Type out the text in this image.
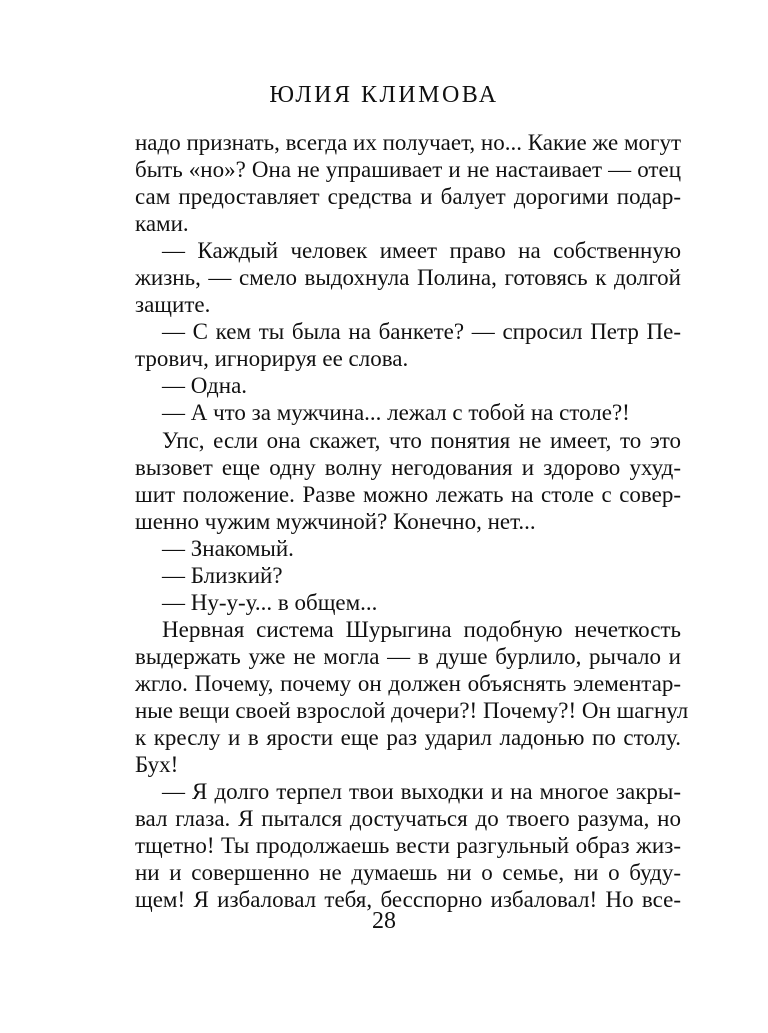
ЮЛИЯ КЛИМОВА
надо признать, всегда их получает, но... Какие же могут
быть «но»? Она не упрашивает и не настаивает — отец
сам предоставляет средства и балует дорогими подар-
ками.
— Каждый человек имеет право на собственную
жизнь, — смело выдохнула Полина, готовясь к долгой
защите.
— С кем ты была на банкете? — спросил Петр Пе-
трович, игнорируя ее слова.
— Одна.
— А что за мужчина... лежал с тобой на столе?!
Упс, если она скажет, что понятия не имеет, то это
вызовет еще одну волну негодования и здорово ухуд-
шит положение. Разве можно лежать на столе с совер-
шенно чужим мужчиной? Конечно, нет...
— Знакомый.
— Близкий?
— Ну-у-у... в общем...
Нервная система Шурыгина подобную нечеткость
выдержать уже не могла — в душе бурлило, рычало и
жгло. Почему, почему он должен объяснять элементар-
ные вещи своей взрослой дочери?! Почему?! Он шагнул
к креслу и в ярости еще раз ударил ладонью по столу.
Бух!
— Я долго терпел твои выходки и на многое закры-
вал глаза. Я пытался достучаться до твоего разума, но
тщетно! Ты продолжаешь вести разгульный образ жиз-
ни и совершенно не думаешь ни о семье, ни о буду-
щем! Я избаловал тебя, бесспорно избаловал! Но все-
28
